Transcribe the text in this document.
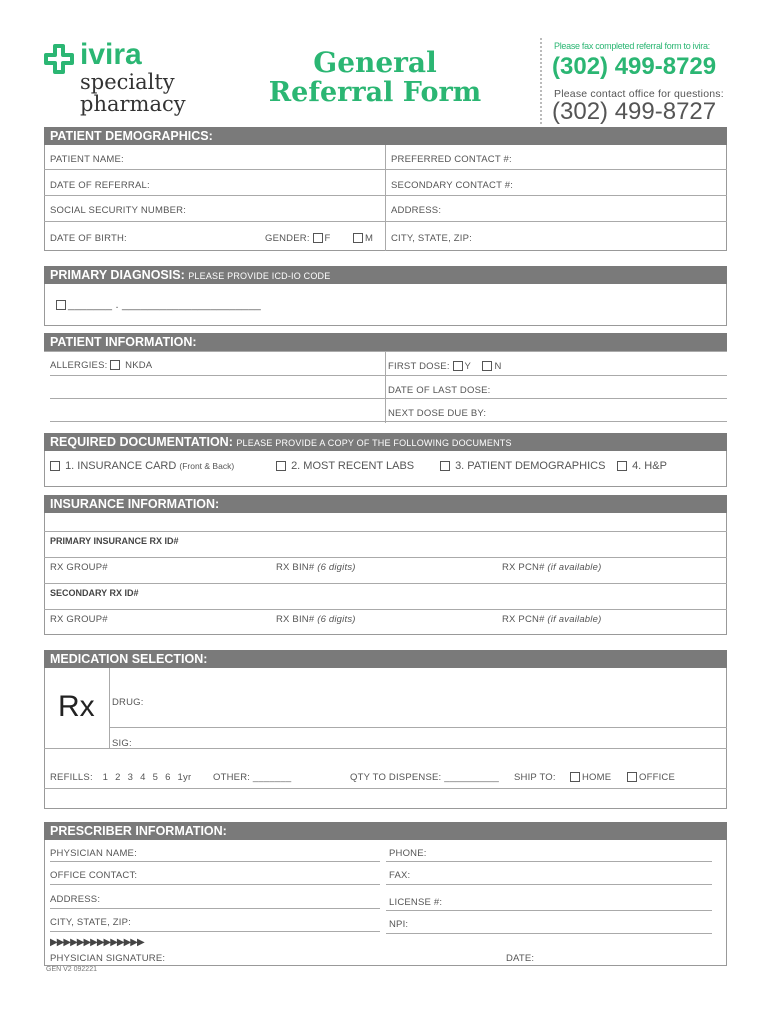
ivira
specialty
pharmacy
General
Referral Form
Please fax completed referral form to ivira:
(302) 499-8729
Please contact office for questions:
(302) 499-8727
PATIENT DEMOGRAPHICS:
PATIENT NAME:	PREFERRED CONTACT #:
DATE OF REFERRAL:	SECONDARY CONTACT #:
SOCIAL SECURITY NUMBER:	ADDRESS:
DATE OF BIRTH:	GENDER: F	M CITY, STATE, ZIP:
PRIMARY DIAGNOSIS: PLEASE PROVIDE ICD-IO CODE
_______ . ______________________
PATIENT INFORMATION:
ALLERGIES: NKDA	FIRST DOSE: Y N
DATE OF LAST DOSE:
NEXT DOSE DUE BY:
REQUIRED DOCUMENTATION: PLEASE PROVIDE A COPY OF THE FOLLOWING DOCUMENTS
1. INSURANCE CARD (Front & Back)	2. MOST RECENT LABS	3. PATIENT DEMOGRAPHICS	4. H&P
INSURANCE INFORMATION:
PRIMARY INSURANCE RX ID#
RX GROUP#	RX BIN# (6 digits)	RX PCN# (if available)
SECONDARY RX ID#
RX GROUP#	RX BIN# (6 digits)	RX PCN# (if available)
MEDICATION SELECTION:
Rx DRUG:
SIG:
REFILLS: 1 2 3 4 5 6 1yr OTHER: _______	QTY TO DISPENSE: __________ SHIP TO:	HOME	OFFICE
PRESCRIBER INFORMATION:
PHYSICIAN NAME:	PHONE:
OFFICE CONTACT:	FAX:
ADDRESS:	LICENSE #:
CITY, STATE, ZIP:	NPI:
▶▶▶▶▶▶▶▶▶▶▶▶▶▶
PHYSICIAN SIGNATURE:	DATE:
GEN V2 092221
